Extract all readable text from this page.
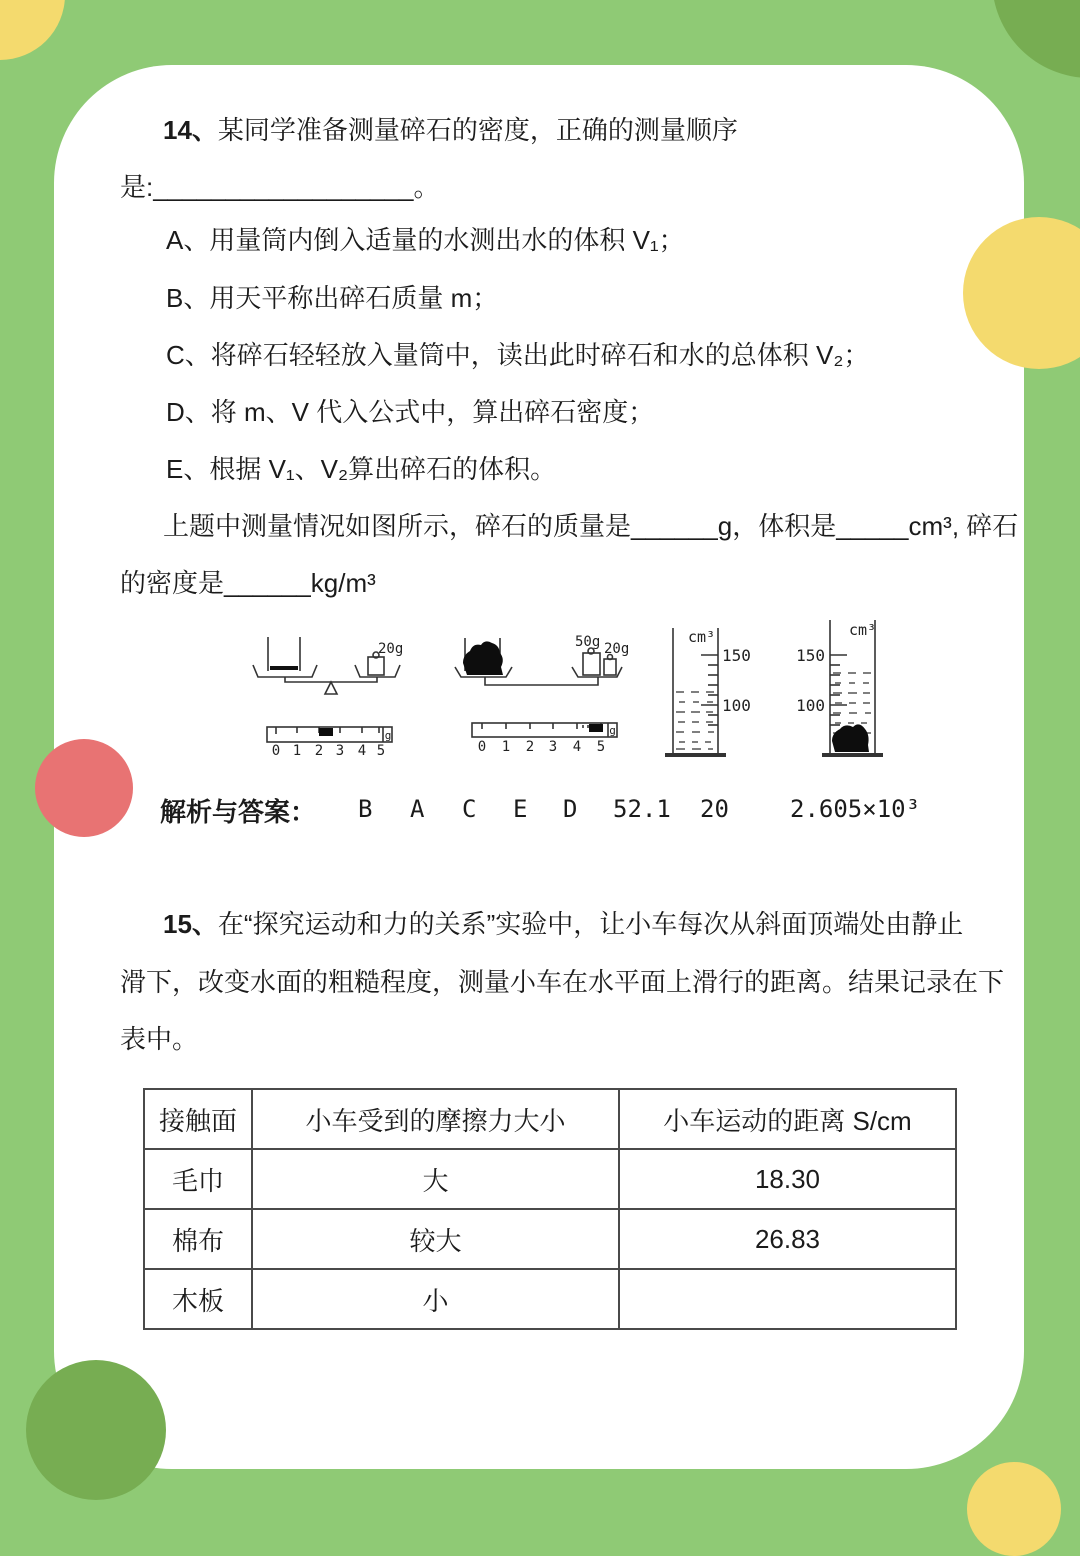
14、某同学准备测量碎石的密度，正确的测量顺序
是:__________________。
A、用量筒内倒入适量的水测出水的体积 V₁；
B、用天平称出碎石质量 m；
C、将碎石轻轻放入量筒中，读出此时碎石和水的总体积 V₂；
D、将 m、V 代入公式中，算出碎石密度；
E、根据 V₁、V₂算出碎石的体积。
上题中测量情况如图所示，碎石的质量是______g，体积是_____cm³, 碎石
的密度是______kg/m³
20g
g
0 1 2 3 4 5
50g 20g
g
0 1 2 3 4 5
cm³
150
100
cm³
150
100
解析与答案： B A C E D 52.1 20	2.605×10³
15、在“探究运动和力的关系”实验中，让小车每次从斜面顶端处由静止
滑下，改变水面的粗糙程度，测量小车在水平面上滑行的距离。结果记录在下
表中。
接触面	小车受到的摩擦力大小	小车运动的距离 S/cm
毛巾	大	18.30
棉布	较大	26.83
木板	小	
